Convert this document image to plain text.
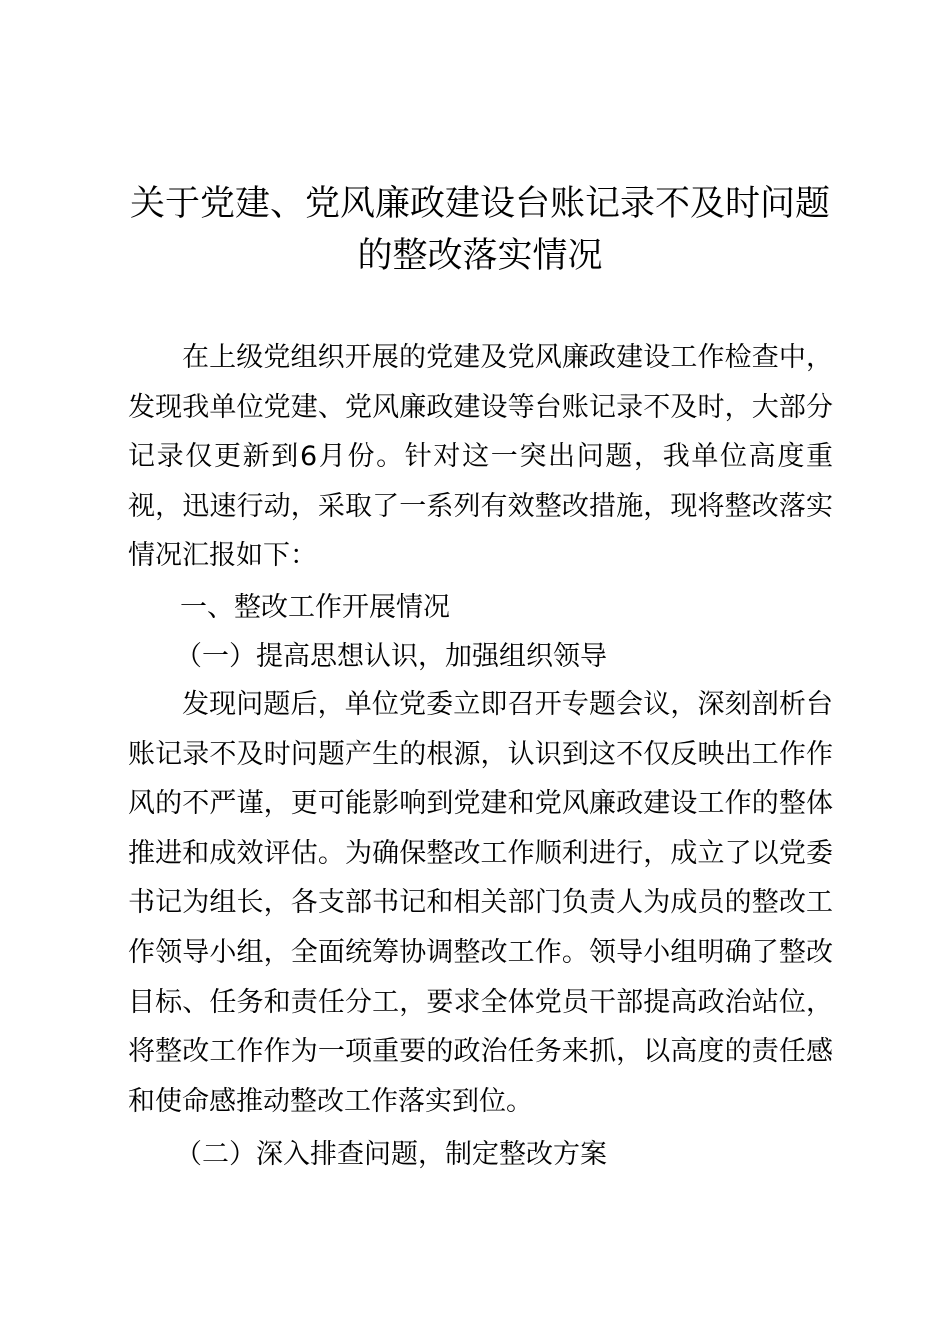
关于党建、党风廉政建设台账记录不及时问题
的整改落实情况
在上级党组织开展的党建及党风廉政建设工作检查中，发现我单位党建、党风廉政建设等台账记录不及时，大部分记录仅更新到6月份。针对这一突出问题，我单位高度重视，迅速行动，采取了一系列有效整改措施，现将整改落实情况汇报如下：
一、整改工作开展情况
（一）提高思想认识，加强组织领导
发现问题后，单位党委立即召开专题会议，深刻剖析台账记录不及时问题产生的根源，认识到这不仅反映出工作作风的不严谨，更可能影响到党建和党风廉政建设工作的整体推进和成效评估。为确保整改工作顺利进行，成立了以党委书记为组长，各支部书记和相关部门负责人为成员的整改工作领导小组，全面统筹协调整改工作。领导小组明确了整改目标、任务和责任分工，要求全体党员干部提高政治站位，将整改工作作为一项重要的政治任务来抓，以高度的责任感和使命感推动整改工作落实到位。
（二）深入排查问题，制定整改方案
